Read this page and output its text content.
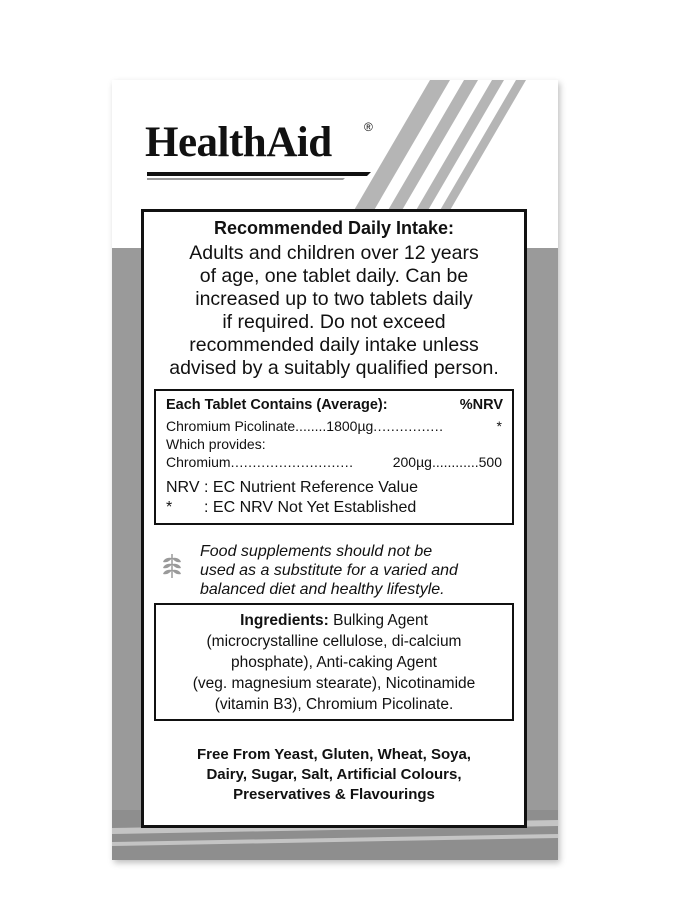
HealthAid	®
Recommended Daily Intake:
Adults and children over 12 years
of age, one tablet daily. Can be
increased up to two tablets daily
if required. Do not exceed
recommended daily intake unless
advised by a suitably qualified person.
Each Tablet Contains (Average):	%NRV
Chromium Picolinate ........ 1800µg ................	*
Which provides:
Chromium ............................	200µg ............ 500
NRV : EC Nutrient Reference Value
* : EC NRV Not Yet Established
Food supplements should not be
used as a substitute for a varied and
balanced diet and healthy lifestyle.
Ingredients: Bulking Agent
(microcrystalline cellulose, di-calcium
phosphate), Anti-caking Agent
(veg. magnesium stearate), Nicotinamide
(vitamin B3), Chromium Picolinate.
Free From Yeast, Gluten, Wheat, Soya,
Dairy, Sugar, Salt, Artificial Colours,
Preservatives & Flavourings
